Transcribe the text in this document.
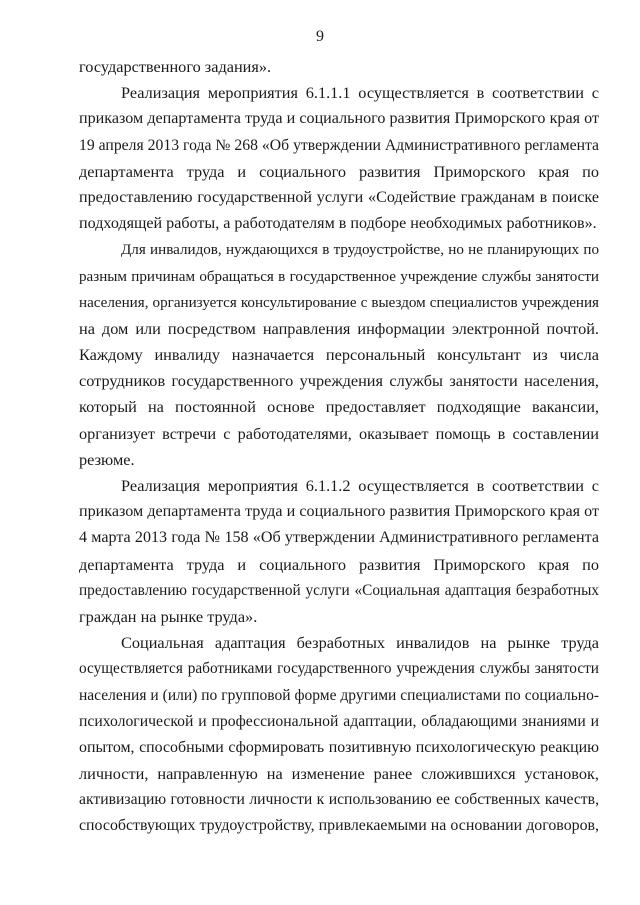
9
государственного задания».
Реализация мероприятия 6.1.1.1 осуществляется в соответствии с
приказом департамента труда и социального развития Приморского края от
19 апреля 2013 года № 268 «Об утверждении Административного регламента
департамента труда и социального развития Приморского края по
предоставлению государственной услуги «Содействие гражданам в поиске
подходящей работы, а работодателям в подборе необходимых работников».
Для инвалидов, нуждающихся в трудоустройстве, но не планирующих по
разным причинам обращаться в государственное учреждение службы занятости
населения, организуется консультирование с выездом специалистов учреждения
на дом или посредством направления информации электронной почтой.
Каждому инвалиду назначается персональный консультант из числа
сотрудников государственного учреждения службы занятости населения,
который на постоянной основе предоставляет подходящие вакансии,
организует встречи с работодателями, оказывает помощь в составлении
резюме.
Реализация мероприятия 6.1.1.2 осуществляется в соответствии с
приказом департамента труда и социального развития Приморского края от
4 марта 2013 года № 158 «Об утверждении Административного регламента
департамента труда и социального развития Приморского края по
предоставлению государственной услуги «Социальная адаптация безработных
граждан на рынке труда».
Социальная адаптация безработных инвалидов на рынке труда
осуществляется работниками государственного учреждения службы занятости
населения и (или) по групповой форме другими специалистами по социально-
психологической и профессиональной адаптации, обладающими знаниями и
опытом, способными сформировать позитивную психологическую реакцию
личности, направленную на изменение ранее сложившихся установок,
активизацию готовности личности к использованию ее собственных качеств,
способствующих трудоустройству, привлекаемыми на основании договоров,
